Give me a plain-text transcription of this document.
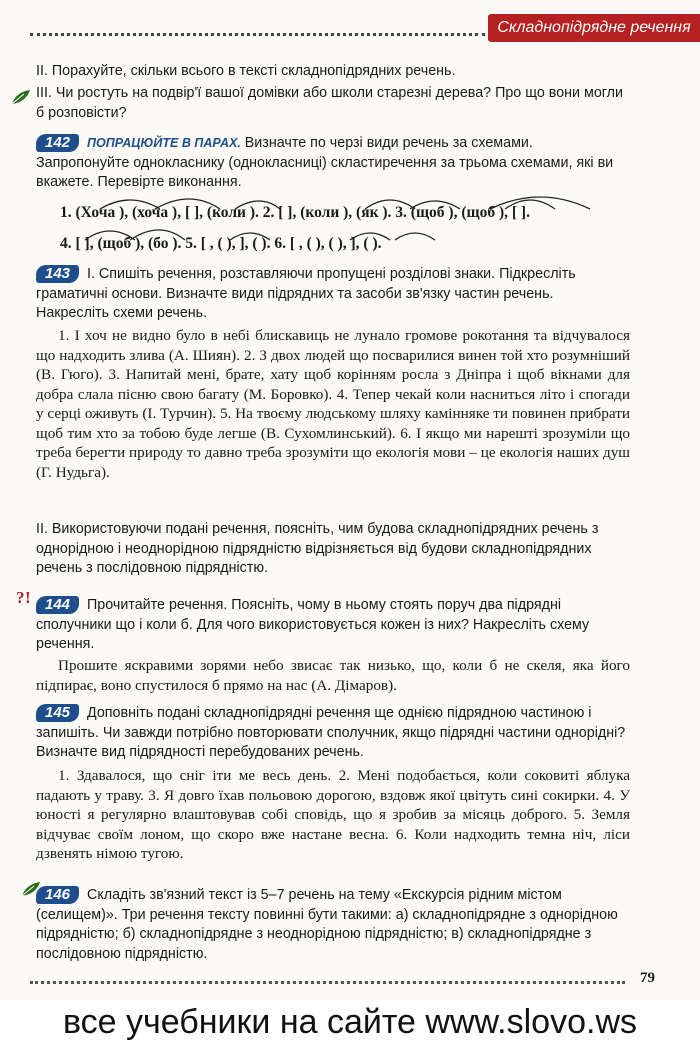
Складнопідрядне речення
II. Порахуйте, скільки всього в тексті складнопідрядних речень.
III. Чи ростуть на подвір'ї вашої домівки або школи старезні дерева? Про що вони могли б розповісти?
142 ПОПРАЦЮЙТЕ В ПАРАХ. Визначте по черзі види речень за схемами. Запропонуйте однокласнику (однокласниці) скластиречення за трьома схемами, які ви вкажете. Перевірте виконання.
1. (Хоча ), (хоча ), [ ], (коли ). 2. [ ], (коли ), (як ). 3. (щоб ), (щоб ), [ ].
4. [ ], (щоб ), (бо ). 5. [ , ( ), ], ( ). 6. [ , ( ), ( ), ], ( ).
143 I. Спишіть речення, розставляючи пропущені розділові знаки. Підкресліть граматичні основи. Визначте види підрядних та засоби зв'язку частин речень. Накресліть схеми речень.
1. І хоч не видно було в небі блискавиць не лунало громове рокотання та відчувалося що надходить злива (А. Шиян). 2. З двох людей що посварилися винен той хто розумніший (В. Гюго). 3. Напитай мені, брате, хату щоб корінням росла з Дніпра і щоб вікнами для добра слала пісню свою багату (М. Боровко). 4. Тепер чекай коли насниться літо і спогади у серці оживуть (І. Турчин). 5. На твоєму людському шляху камінняке ти повинен прибрати щоб тим хто за тобою буде легше (В. Сухомлинський). 6. І якщо ми нарешті зрозуміли що треба берегти природу то давно треба зрозуміти що екологія мови – це екологія наших душ (Г. Нудьга).
II. Використовуючи подані речення, поясніть, чим будова складнопідрядних речень з однорідною і неоднорідною підрядністю відрізняється від будови складнопідрядних речень з послідовною підрядністю.
? ! 144 Прочитайте речення. Поясніть, чому в ньому стоять поруч два підрядні сполучники що і коли б. Для чого використовується кожен із них? Накресліть схему речення.
Прошите яскравими зорями небо звисає так низько, що, коли б не скеля, яка його підпирає, воно спустилося б прямо на нас (А. Дімаров).
145 Доповніть подані складнопідрядні речення ще однією підрядною частиною і запишіть. Чи завжди потрібно повторювати сполучник, якщо підрядні частини однорідні? Визначте вид підрядності перебудованих речень.
1. Здавалося, що сніг іти ме весь день. 2. Мені подобається, коли соковиті яблука падають у траву. 3. Я довго їхав польовою дорогою, вздовж якої цвітуть сині сокирки. 4. У юності я регулярно влаштовував собі сповідь, що я зробив за місяць доброго. 5. Земля відчуває своїм лоном, що скоро вже настане весна. 6. Коли надходить темна ніч, ліси дзвенять німою тугою.
146 Складіть зв'язний текст із 5–7 речень на тему «Екскурсія рідним містом (селищем)». Три речення тексту повинні бути такими: а) складнопідрядне з однорідною підрядністю; б) складнопідрядне з неоднорідною підрядністю; в) складнопідрядне з послідовною підрядністю.
79
все учебники на сайте www.slovo.ws
